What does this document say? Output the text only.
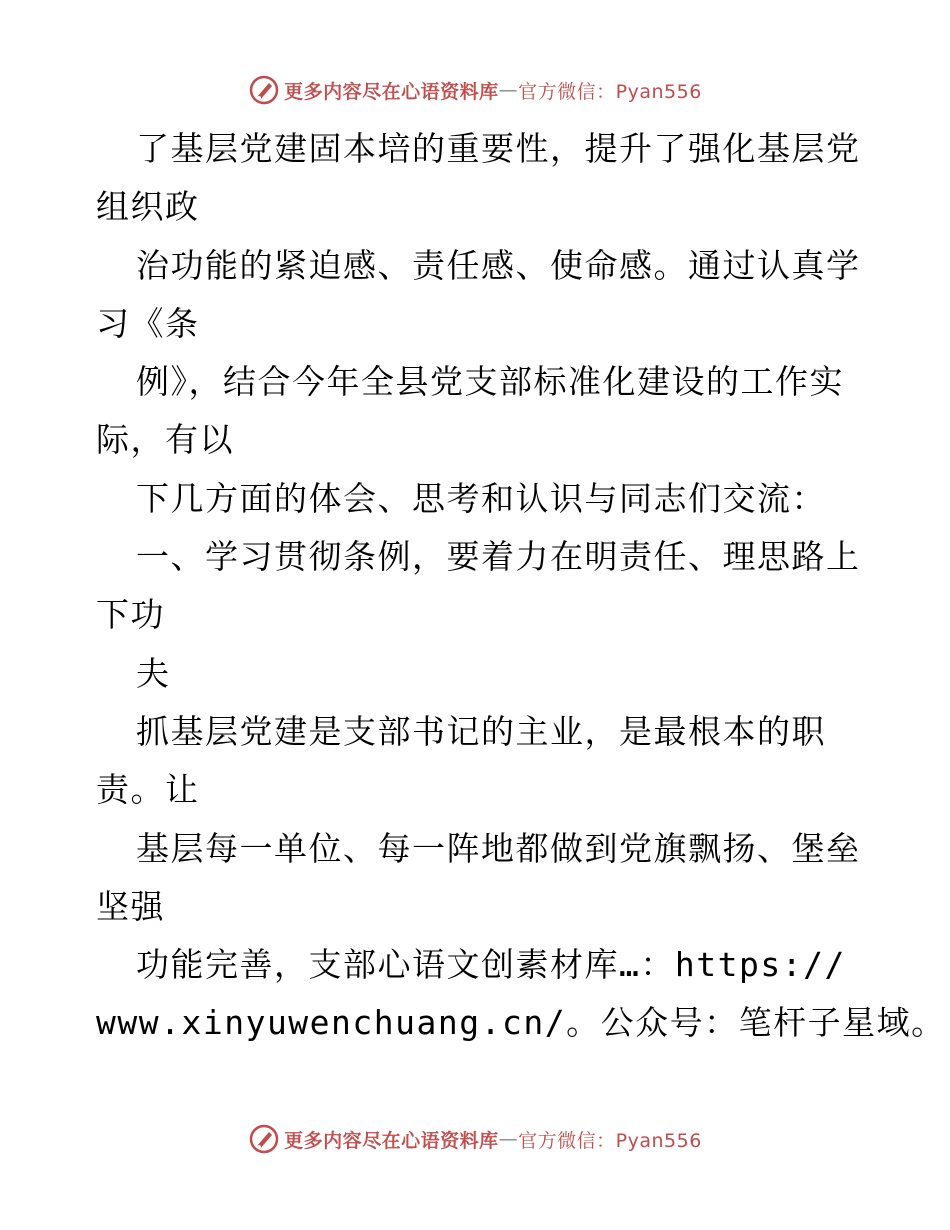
更多内容尽在心语资料库 — 官方微信：Pyan556
了基层党建固本培的重要性，提升了强化基层党
组织政
治功能的紧迫感、责任感、使命感。通过认真学
习《条
例》，结合今年全县党支部标准化建设的工作实
际，有以
下几方面的体会、思考和认识与同志们交流：
一、学习贯彻条例，要着力在明责任、理思路上
下功
夫
抓基层党建是支部书记的主业，是最根本的职
责。让
基层每一单位、每一阵地都做到党旗飘扬、堡垒
坚强
功能完善，支部心语文创素材库…：https://
www.xinyuwenchuang.cn/。公众号：笔杆子星域。
更多内容尽在心语资料库 — 官方微信：Pyan556
